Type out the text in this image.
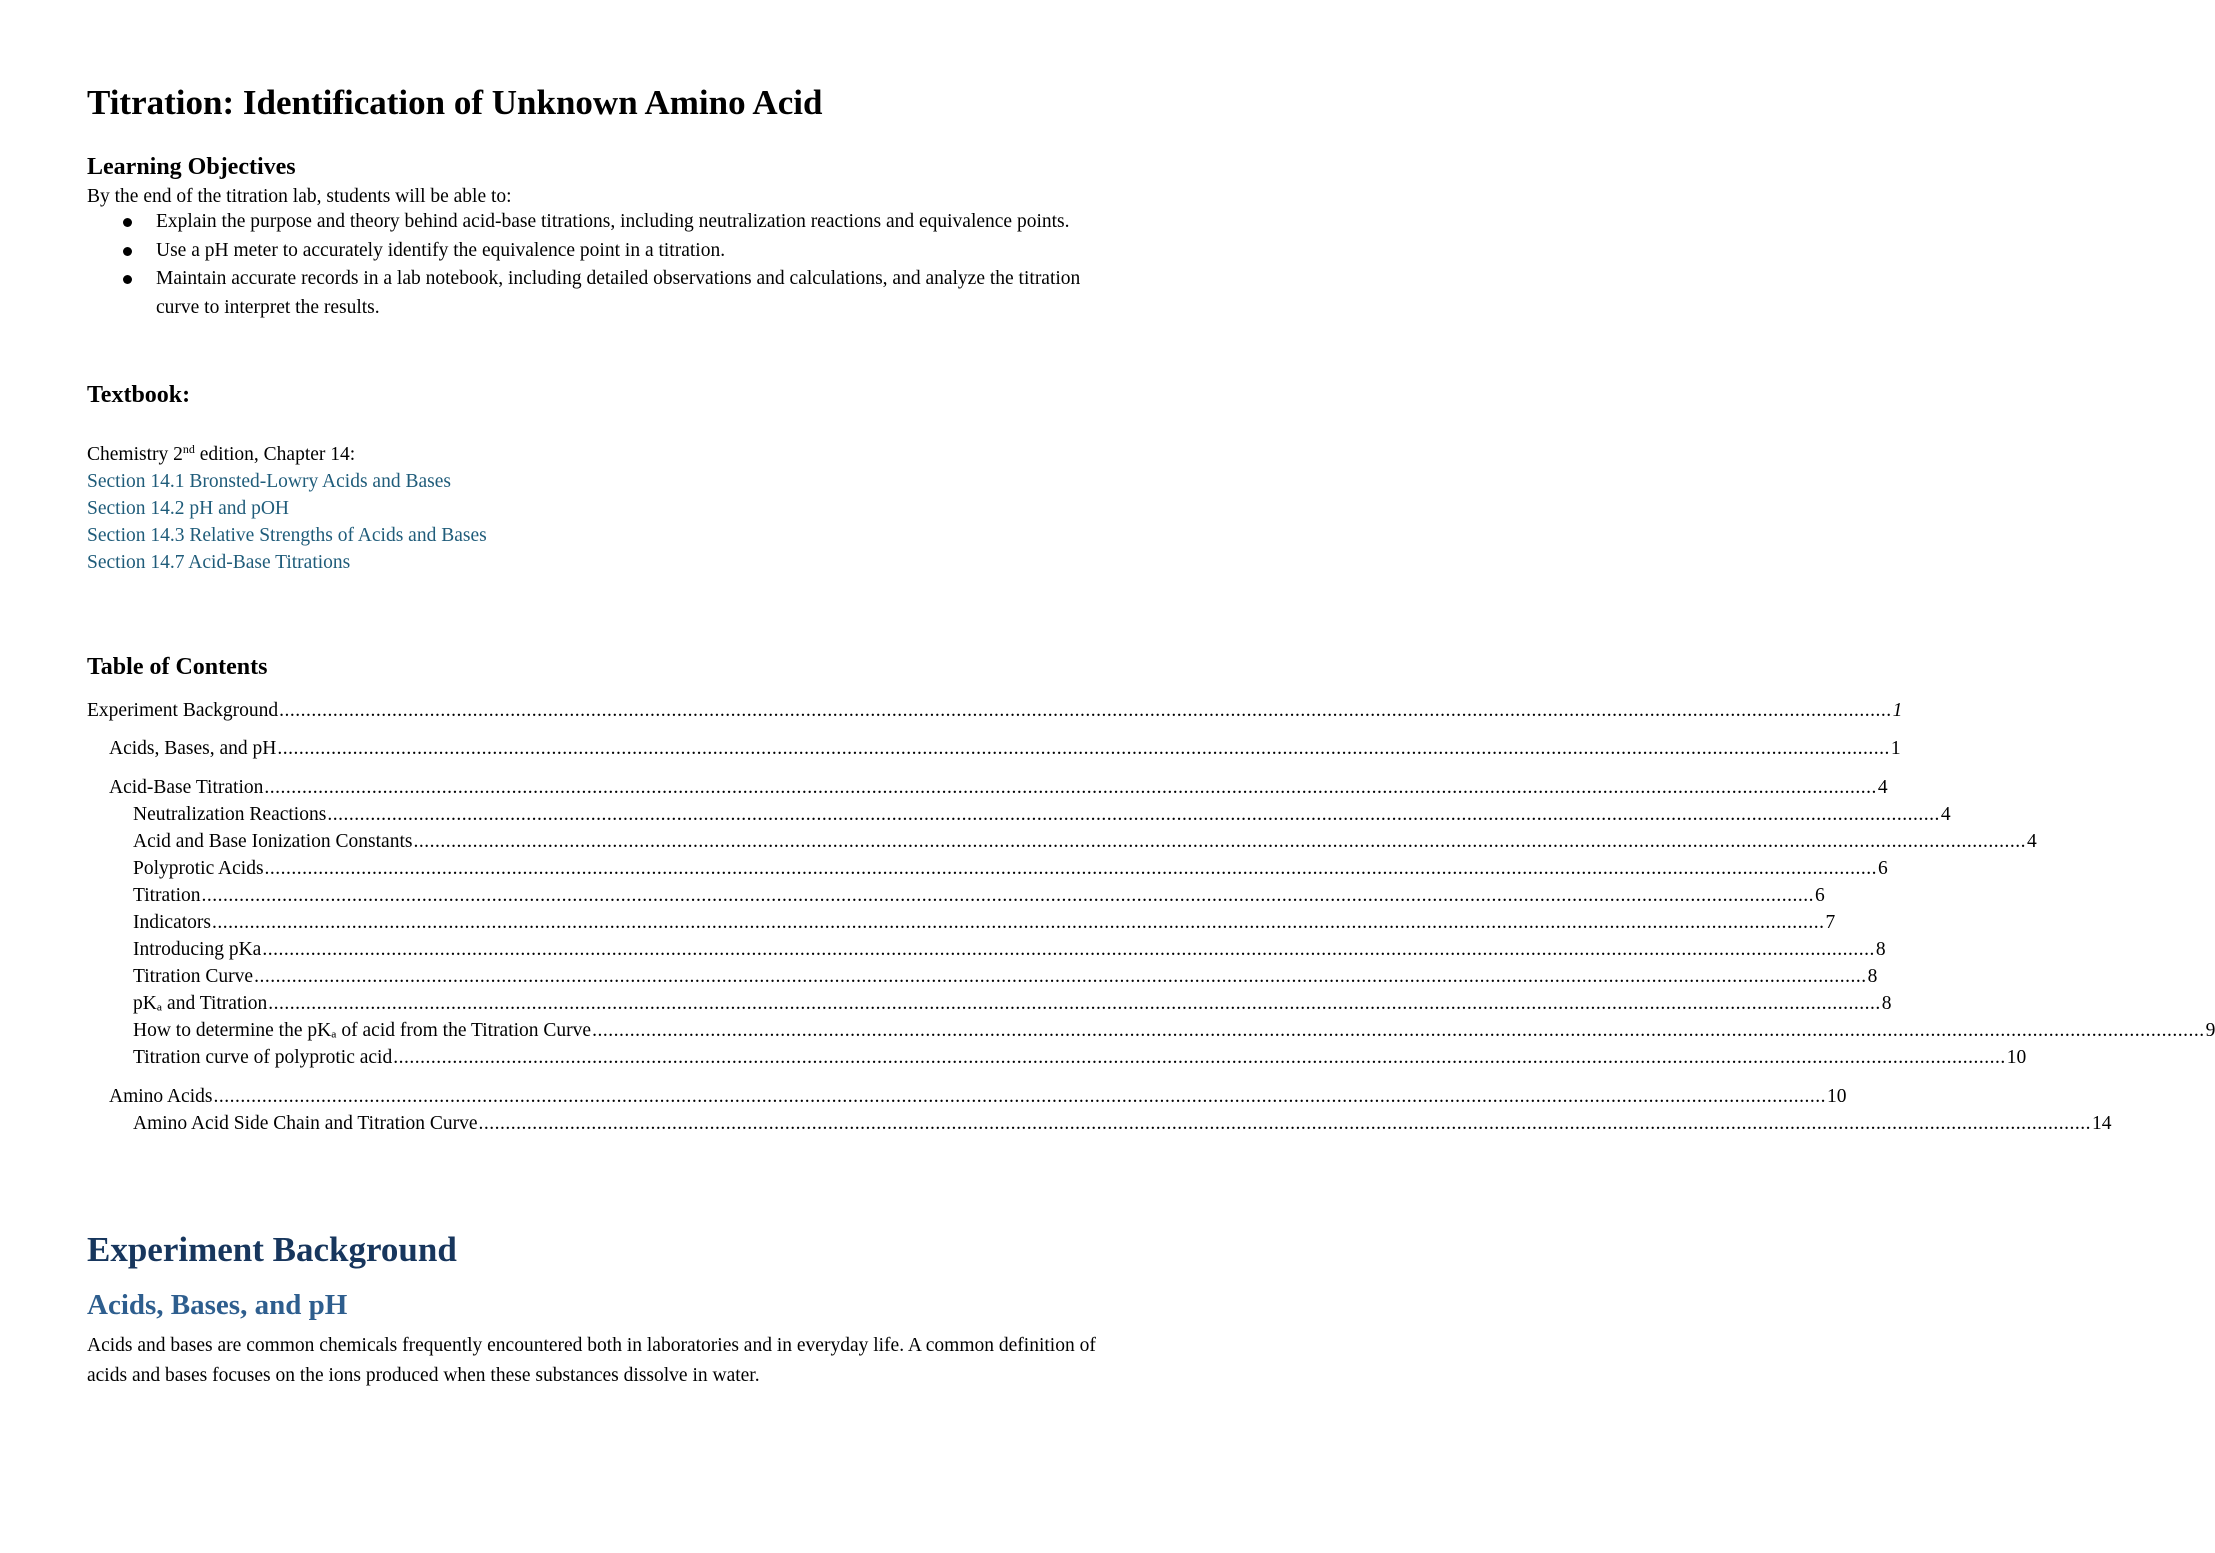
Titration: Identification of Unknown Amino Acid
Learning Objectives
By the end of the titration lab, students will be able to:
Explain the purpose and theory behind acid-base titrations, including neutralization reactions and equivalence points.
Use a pH meter to accurately identify the equivalence point in a titration.
Maintain accurate records in a lab notebook, including detailed observations and calculations, and analyze the titration curve to interpret the results.
Textbook:
Chemistry 2nd edition, Chapter 14:
Section 14.1 Bronsted-Lowry Acids and Bases
Section 14.2 pH and pOH
Section 14.3 Relative Strengths of Acids and Bases
Section 14.7 Acid-Base Titrations
Table of Contents
Experiment Background ............................................................................................................................................................................................................................................................................................................ 1
Acids, Bases, and pH ............................................................................................................................................................................................................................................................................................................ 1
Acid-Base Titration ............................................................................................................................................................................................................................................................................................................ 4
Neutralization Reactions ............................................................................................................................................................................................................................................................................................................ 4
Acid and Base Ionization Constants ............................................................................................................................................................................................................................................................................................................ 4
Polyprotic Acids ............................................................................................................................................................................................................................................................................................................ 6
Titration ............................................................................................................................................................................................................................................................................................................ 6
Indicators ............................................................................................................................................................................................................................................................................................................ 7
Introducing pKa ............................................................................................................................................................................................................................................................................................................ 8
Titration Curve ............................................................................................................................................................................................................................................................................................................ 8
pKₐ and Titration ............................................................................................................................................................................................................................................................................................................ 8
How to determine the pKₐ of acid from the Titration Curve ............................................................................................................................................................................................................................................................................................................ 9
Titration curve of polyprotic acid ............................................................................................................................................................................................................................................................................................................ 10
Amino Acids ............................................................................................................................................................................................................................................................................................................ 10
Amino Acid Side Chain and Titration Curve ............................................................................................................................................................................................................................................................................................................ 14
Experiment Background
Acids, Bases, and pH
Acids and bases are common chemicals frequently encountered both in laboratories and in everyday life. A common definition of acids and bases focuses on the ions produced when these substances dissolve in water.
